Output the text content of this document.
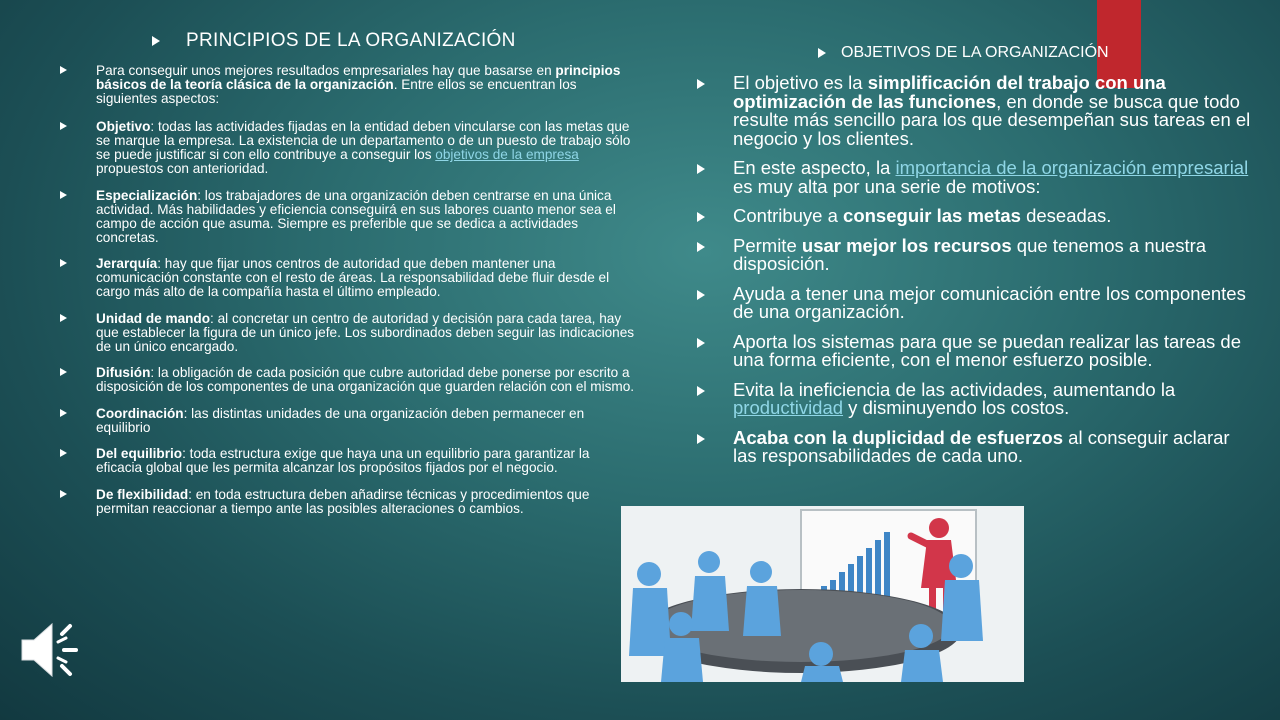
PRINCIPIOS DE LA ORGANIZACIÓN
Para conseguir unos mejores resultados empresariales hay que basarse en principios básicos de la teoría clásica de la organización. Entre ellos se encuentran los siguientes aspectos:
Objetivo: todas las actividades fijadas en la entidad deben vincularse con las metas que se marque la empresa. La existencia de un departamento o de un puesto de trabajo sólo se puede justificar si con ello contribuye a conseguir los objetivos de la empresa propuestos con anterioridad.
Especialización: los trabajadores de una organización deben centrarse en una única actividad. Más habilidades y eficiencia conseguirá en sus labores cuanto menor sea el campo de acción que asuma. Siempre es preferible que se dedica a actividades concretas.
Jerarquía: hay que fijar unos centros de autoridad que deben mantener una comunicación constante con el resto de áreas. La responsabilidad debe fluir desde el cargo más alto de la compañía hasta el último empleado.
Unidad de mando: al concretar un centro de autoridad y decisión para cada tarea, hay que establecer la figura de un único jefe. Los subordinados deben seguir las indicaciones de un único encargado.
Difusión: la obligación de cada posición que cubre autoridad debe ponerse por escrito a disposición de los componentes de una organización que guarden relación con el mismo.
Coordinación: las distintas unidades de una organización deben permanecer en equilibrio
Del equilibrio: toda estructura exige que haya una un equilibrio para garantizar la eficacia global que les permita alcanzar los propósitos fijados por el negocio.
De flexibilidad: en toda estructura deben añadirse técnicas y procedimientos que permitan reaccionar a tiempo ante las posibles alteraciones o cambios.
OBJETIVOS DE LA ORGANIZACIÓN
El objetivo es la simplificación del trabajo con una optimización de las funciones, en donde se busca que todo resulte más sencillo para los que desempeñan sus tareas en el negocio y los clientes.
En este aspecto, la importancia de la organización empresarial es muy alta por una serie de motivos:
Contribuye a conseguir las metas deseadas.
Permite usar mejor los recursos que tenemos a nuestra disposición.
Ayuda a tener una mejor comunicación entre los componentes de una organización.
Aporta los sistemas para que se puedan realizar las tareas de una forma eficiente, con el menor esfuerzo posible.
Evita la ineficiencia de las actividades, aumentando la productividad y disminuyendo los costos.
Acaba con la duplicidad de esfuerzos al conseguir aclarar las responsabilidades de cada uno.
